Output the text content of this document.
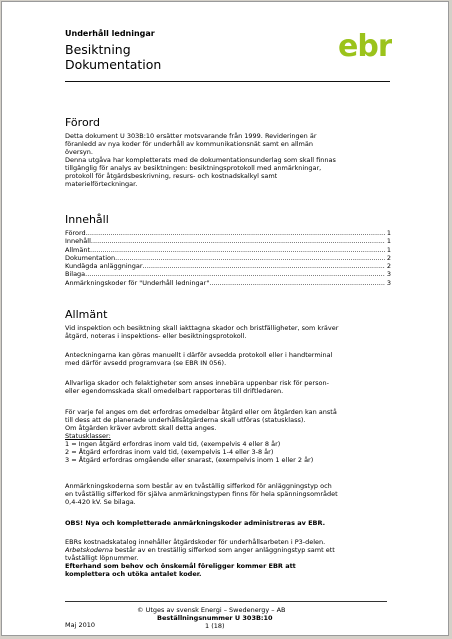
Underhåll ledningar
Besiktning
Dokumentation
ebr
Förord

Detta dokument U 303B:10 ersätter motsvarande från 1999. Revideringen är

föranledd av nya koder för underhåll av kommunikationsnät samt en allmän

översyn.

Denna utgåva har kompletterats med de dokumentationsunderlag som skall finnas

tillgänglig för analys av besiktningen: besiktningsprotokoll med anmärkningar,

protokoll för åtgärdsbeskrivning, resurs- och kostnadskalkyl samt

materielförteckningar.

Innehåll
Förord .....	1
Innehåll .....	1
Allmänt .....	1
Dokumentation .....	2
Kundägda anläggningar .....	2
Bilaga .....	3
Anmärkningskoder för "Underhåll ledningar" .....	3
Allmänt

Vid inspektion och besiktning skall iakttagna skador och bristfälligheter, som kräver

åtgärd, noteras i inspektions- eller besiktningsprotokoll.

Anteckningarna kan göras manuellt i därför avsedda protokoll eller i handterminal

med därför avsedd programvara (se EBR IN 056).

Allvarliga skador och felaktigheter som anses innebära uppenbar risk för person-

eller egendomsskada skall omedelbart rapporteras till driftledaren.

För varje fel anges om det erfordras omedelbar åtgärd eller om åtgärden kan anstå

till dess att de planerade underhållsåtgärderna skall utföras (statusklass).

Om åtgärden kräver avbrott skall detta anges.

Statusklasser:

1 = Ingen åtgärd erfordras inom vald tid, (exempelvis 4 eller 8 år)

2 = Åtgärd erfordras inom vald tid, (exempelvis 1-4 eller 3-8 år)

3 = Åtgärd erfordras omgående eller snarast, (exempelvis inom 1 eller 2 år)

Anmärkningskoderna som består av en tvåställig sifferkod för anläggningstyp och

en tvåställig sifferkod för själva anmärkningstypen finns för hela spänningsområdet

0,4-420 kV. Se bilaga.

OBS! Nya och kompletterade anmärkningskoder administreras av EBR.

EBRs kostnadskatalog innehåller åtgärdskoder för underhållsarbeten i P3-delen.

Arbetskoderna består av en treställig sifferkod som anger anläggningstyp samt ett

tvåställigt löpnummer.

Efterhand som behov och önskemål föreligger kommer EBR att

komplettera och utöka antalet koder.

© Utges av svensk Energi – Swedenergy – AB
Beställningsnummer U 303B:10
Maj 2010	1 (18)
